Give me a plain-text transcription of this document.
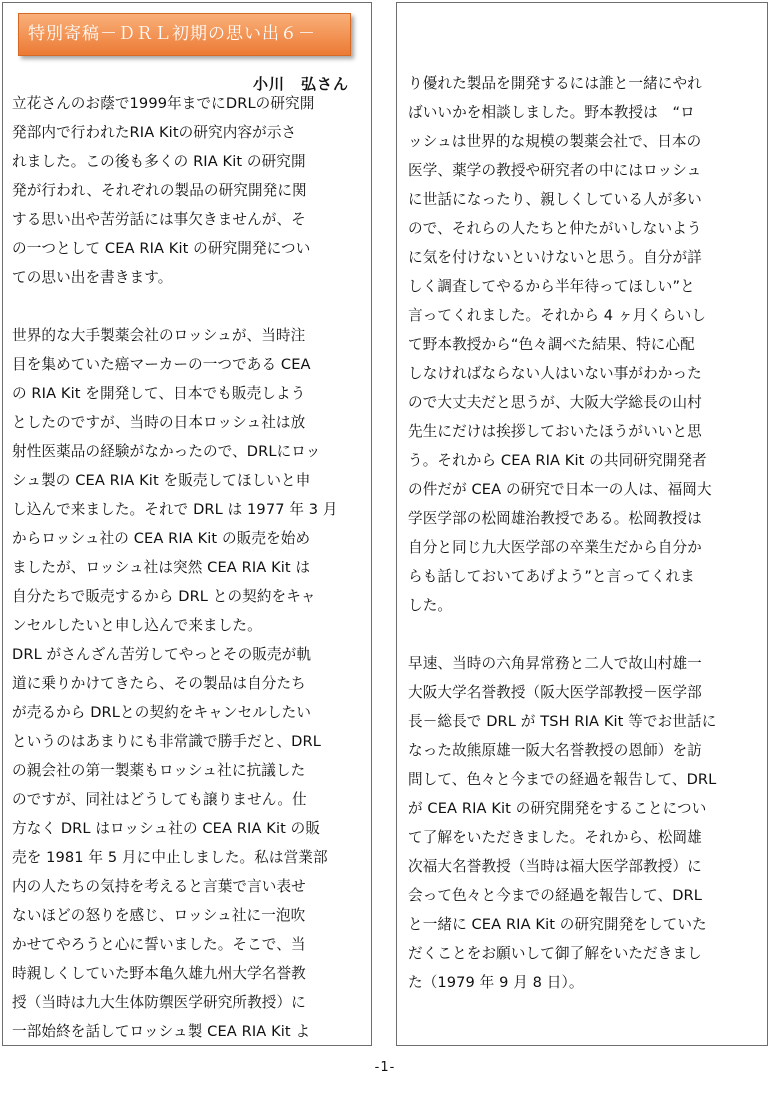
特別寄稿－ＤＲＬ初期の思い出６－
小川　弘さん
立花さんのお蔭で1999年までにDRLの研究開
発部内で行われたRIA Kitの研究内容が示さ
れました。この後も多くの RIA Kit の研究開
発が行われ、それぞれの製品の研究開発に関
する思い出や苦労話には事欠きませんが、そ
の一つとして CEA RIA Kit の研究開発につい
ての思い出を書きます。
世界的な大手製薬会社のロッシュが、当時注
目を集めていた癌マーカーの一つである CEA
の RIA Kit を開発して、日本でも販売しよう
としたのですが、当時の日本ロッシュ社は放
射性医薬品の経験がなかったので、DRLにロッ
シュ製の CEA RIA Kit を販売してほしいと申
し込んで来ました。それで DRL は 1977 年 3 月
からロッシュ社の CEA RIA Kit の販売を始め
ましたが、ロッシュ社は突然 CEA RIA Kit は
自分たちで販売するから DRL との契約をキャ
ンセルしたいと申し込んで来ました。
DRL がさんざん苦労してやっとその販売が軌
道に乗りかけてきたら、その製品は自分たち
が売るから DRLとの契約をキャンセルしたい
というのはあまりにも非常識で勝手だと、DRL
の親会社の第一製薬もロッシュ社に抗議した
のですが、同社はどうしても譲りません。仕
方なく DRL はロッシュ社の CEA RIA Kit の販
売を 1981 年 5 月に中止しました。私は営業部
内の人たちの気持を考えると言葉で言い表せ
ないほどの怒りを感じ、ロッシュ社に一泡吹
かせてやろうと心に誓いました。そこで、当
時親しくしていた野本亀久雄九州大学名誉教
授（当時は九大生体防禦医学研究所教授）に
一部始終を話してロッシュ製 CEA RIA Kit よ
り優れた製品を開発するには誰と一緒にやれ
ばいいかを相談しました。野本教授は　“ロ
ッシュは世界的な規模の製薬会社で、日本の
医学、薬学の教授や研究者の中にはロッシュ
に世話になったり、親しくしている人が多い
ので、それらの人たちと仲たがいしないよう
に気を付けないといけないと思う。自分が詳
しく調査してやるから半年待ってほしい”と
言ってくれました。それから 4 ヶ月くらいし
て野本教授から“色々調べた結果、特に心配
しなければならない人はいない事がわかった
ので大丈夫だと思うが、大阪大学総長の山村
先生にだけは挨拶しておいたほうがいいと思
う。それから CEA RIA Kit の共同研究開発者
の件だが CEA の研究で日本一の人は、福岡大
学医学部の松岡雄治教授である。松岡教授は
自分と同じ九大医学部の卒業生だから自分か
らも話しておいてあげよう”と言ってくれま
した。
早速、当時の六角昇常務と二人で故山村雄一
大阪大学名誉教授（阪大医学部教授－医学部
長－総長で DRL が TSH RIA Kit 等でお世話に
なった故熊原雄一阪大名誉教授の恩師）を訪
問して、色々と今までの経過を報告して、DRL
が CEA RIA Kit の研究開発をすることについ
て了解をいただきました。それから、松岡雄
次福大名誉教授（当時は福大医学部教授）に
会って色々と今までの経過を報告して、DRL
と一緒に CEA RIA Kit の研究開発をしていた
だくことをお願いして御了解をいただきまし
た（1979 年 9 月 8 日）。
-1-
